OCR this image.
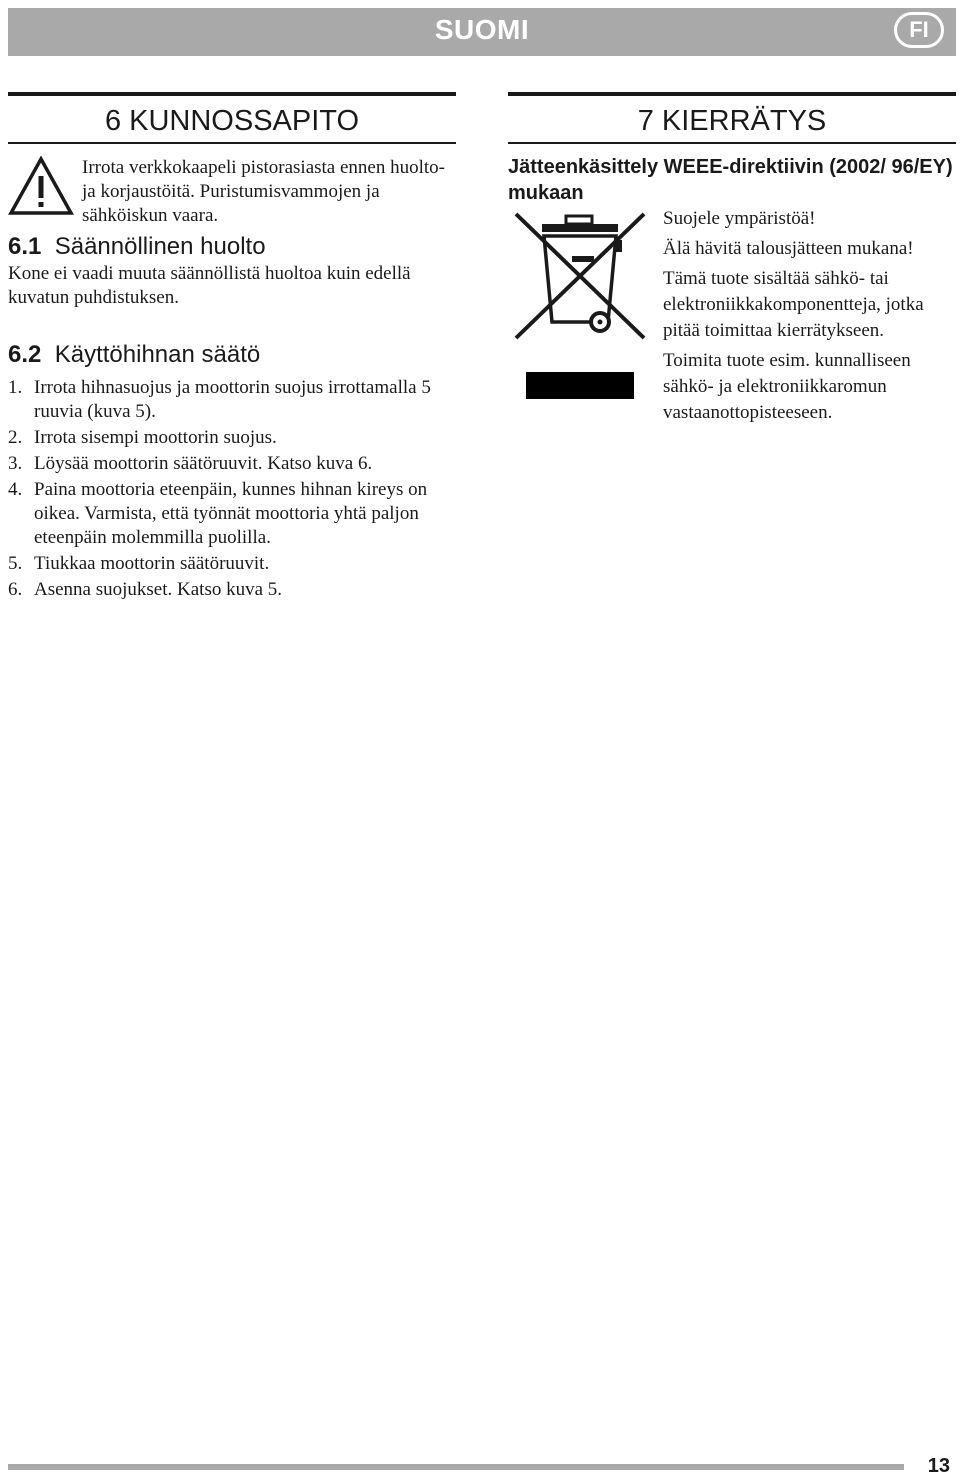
SUOMI	FI
6 KUNNOSSAPITO

Irrota verkkokaapeli pistorasiasta ennen huolto- ja korjaustöitä. Puristumisvammojen ja sähköiskun vaara.

6.1 Säännöllinen huolto

Kone ei vaadi muuta säännöllistä huoltoa kuin edellä kuvatun puhdistuksen.

6.2 Käyttöhihnan säätö
1. Irrota hihnasuojus ja moottorin suojus irrottamalla 5 ruuvia (kuva 5).
2. Irrota sisempi moottorin suojus.
3. Löysää moottorin säätöruuvit. Katso kuva 6.
4. Paina moottoria eteenpäin, kunnes hihnan kireys on oikea. Varmista, että työnnät moottoria yhtä paljon eteenpäin molemmilla puolilla.
5. Tiukkaa moottorin säätöruuvit.
6. Asenna suojukset. Katso kuva 5.
7 KIERRÄTYS
Jätteenkäsittely WEEE-direktiivin (2002/ 96/EY) mukaan

Suojele ympäristöä!

Älä hävitä talousjätteen mukana!

Tämä tuote sisältää sähkö- tai elektroniikkakomponentteja, jotka pitää toimittaa kierrätykseen.

Toimita tuote esim. kunnalliseen sähkö- ja elektroniikkaromun vastaanottopisteeseen.

13
